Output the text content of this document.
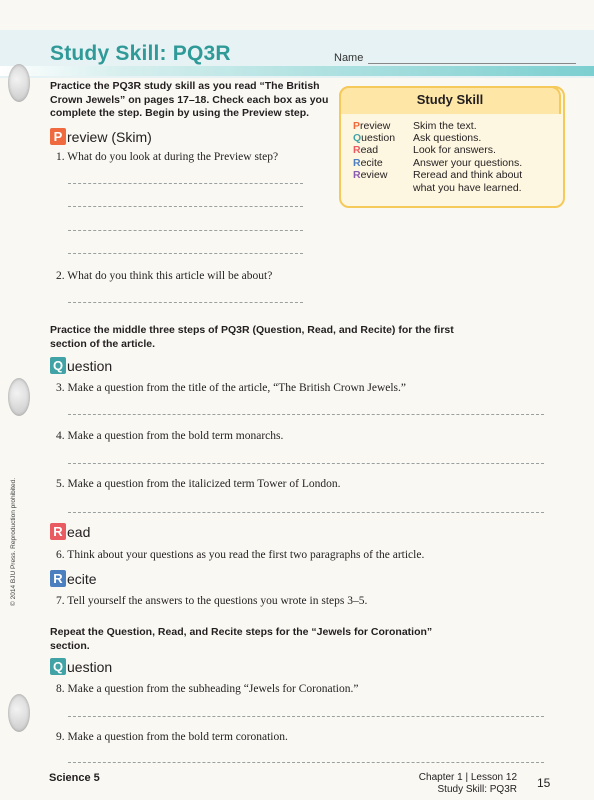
Study Skill: PQ3R	Name
Practice the PQ3R study skill as you read “The British Crown Jewels” on pages 17–18. Check each box as you complete the step. Begin by using the Preview step.
P review (Skim)
1. What do you look at during the Preview step?
2. What do you think this article will be about?
Study Skill
Preview Skim the text.
Question Ask questions.
Read	Look for answers.
Recite	Answer your questions.
Review Reread and think about what you have learned.
Practice the middle three steps of PQ3R (Question, Read, and Recite) for the first section of the article.
Q uestion
3. Make a question from the title of the article, “The British Crown Jewels.”
4. Make a question from the bold term monarchs.
5. Make a question from the italicized term Tower of London.
R ead
6. Think about your questions as you read the first two paragraphs of the article.
R ecite
7. Tell yourself the answers to the questions you wrote in steps 3–5.
Repeat the Question, Read, and Recite steps for the “Jewels for Coronation” section.
Q uestion
8. Make a question from the subheading “Jewels for Coronation.”
9. Make a question from the bold term coronation.
© 2014 BJU Press. Reproduction prohibited.
Science 5	Chapter 1 | Lesson 12
Study Skill: PQ3R 15
